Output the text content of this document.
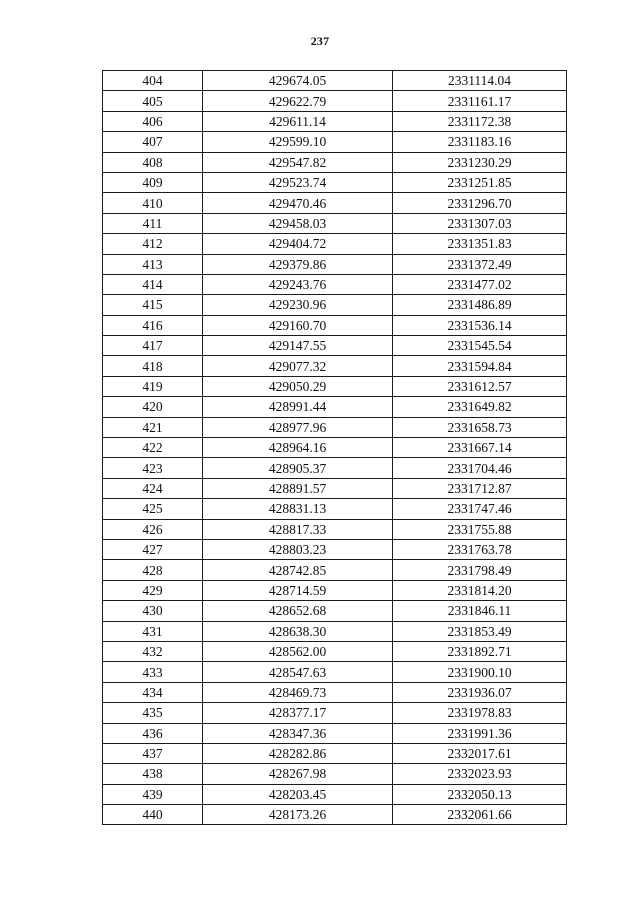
237
404	429674.05	2331114.04
405	429622.79	2331161.17
406	429611.14	2331172.38
407	429599.10	2331183.16
408	429547.82	2331230.29
409	429523.74	2331251.85
410	429470.46	2331296.70
411	429458.03	2331307.03
412	429404.72	2331351.83
413	429379.86	2331372.49
414	429243.76	2331477.02
415	429230.96	2331486.89
416	429160.70	2331536.14
417	429147.55	2331545.54
418	429077.32	2331594.84
419	429050.29	2331612.57
420	428991.44	2331649.82
421	428977.96	2331658.73
422	428964.16	2331667.14
423	428905.37	2331704.46
424	428891.57	2331712.87
425	428831.13	2331747.46
426	428817.33	2331755.88
427	428803.23	2331763.78
428	428742.85	2331798.49
429	428714.59	2331814.20
430	428652.68	2331846.11
431	428638.30	2331853.49
432	428562.00	2331892.71
433	428547.63	2331900.10
434	428469.73	2331936.07
435	428377.17	2331978.83
436	428347.36	2331991.36
437	428282.86	2332017.61
438	428267.98	2332023.93
439	428203.45	2332050.13
440	428173.26	2332061.66
